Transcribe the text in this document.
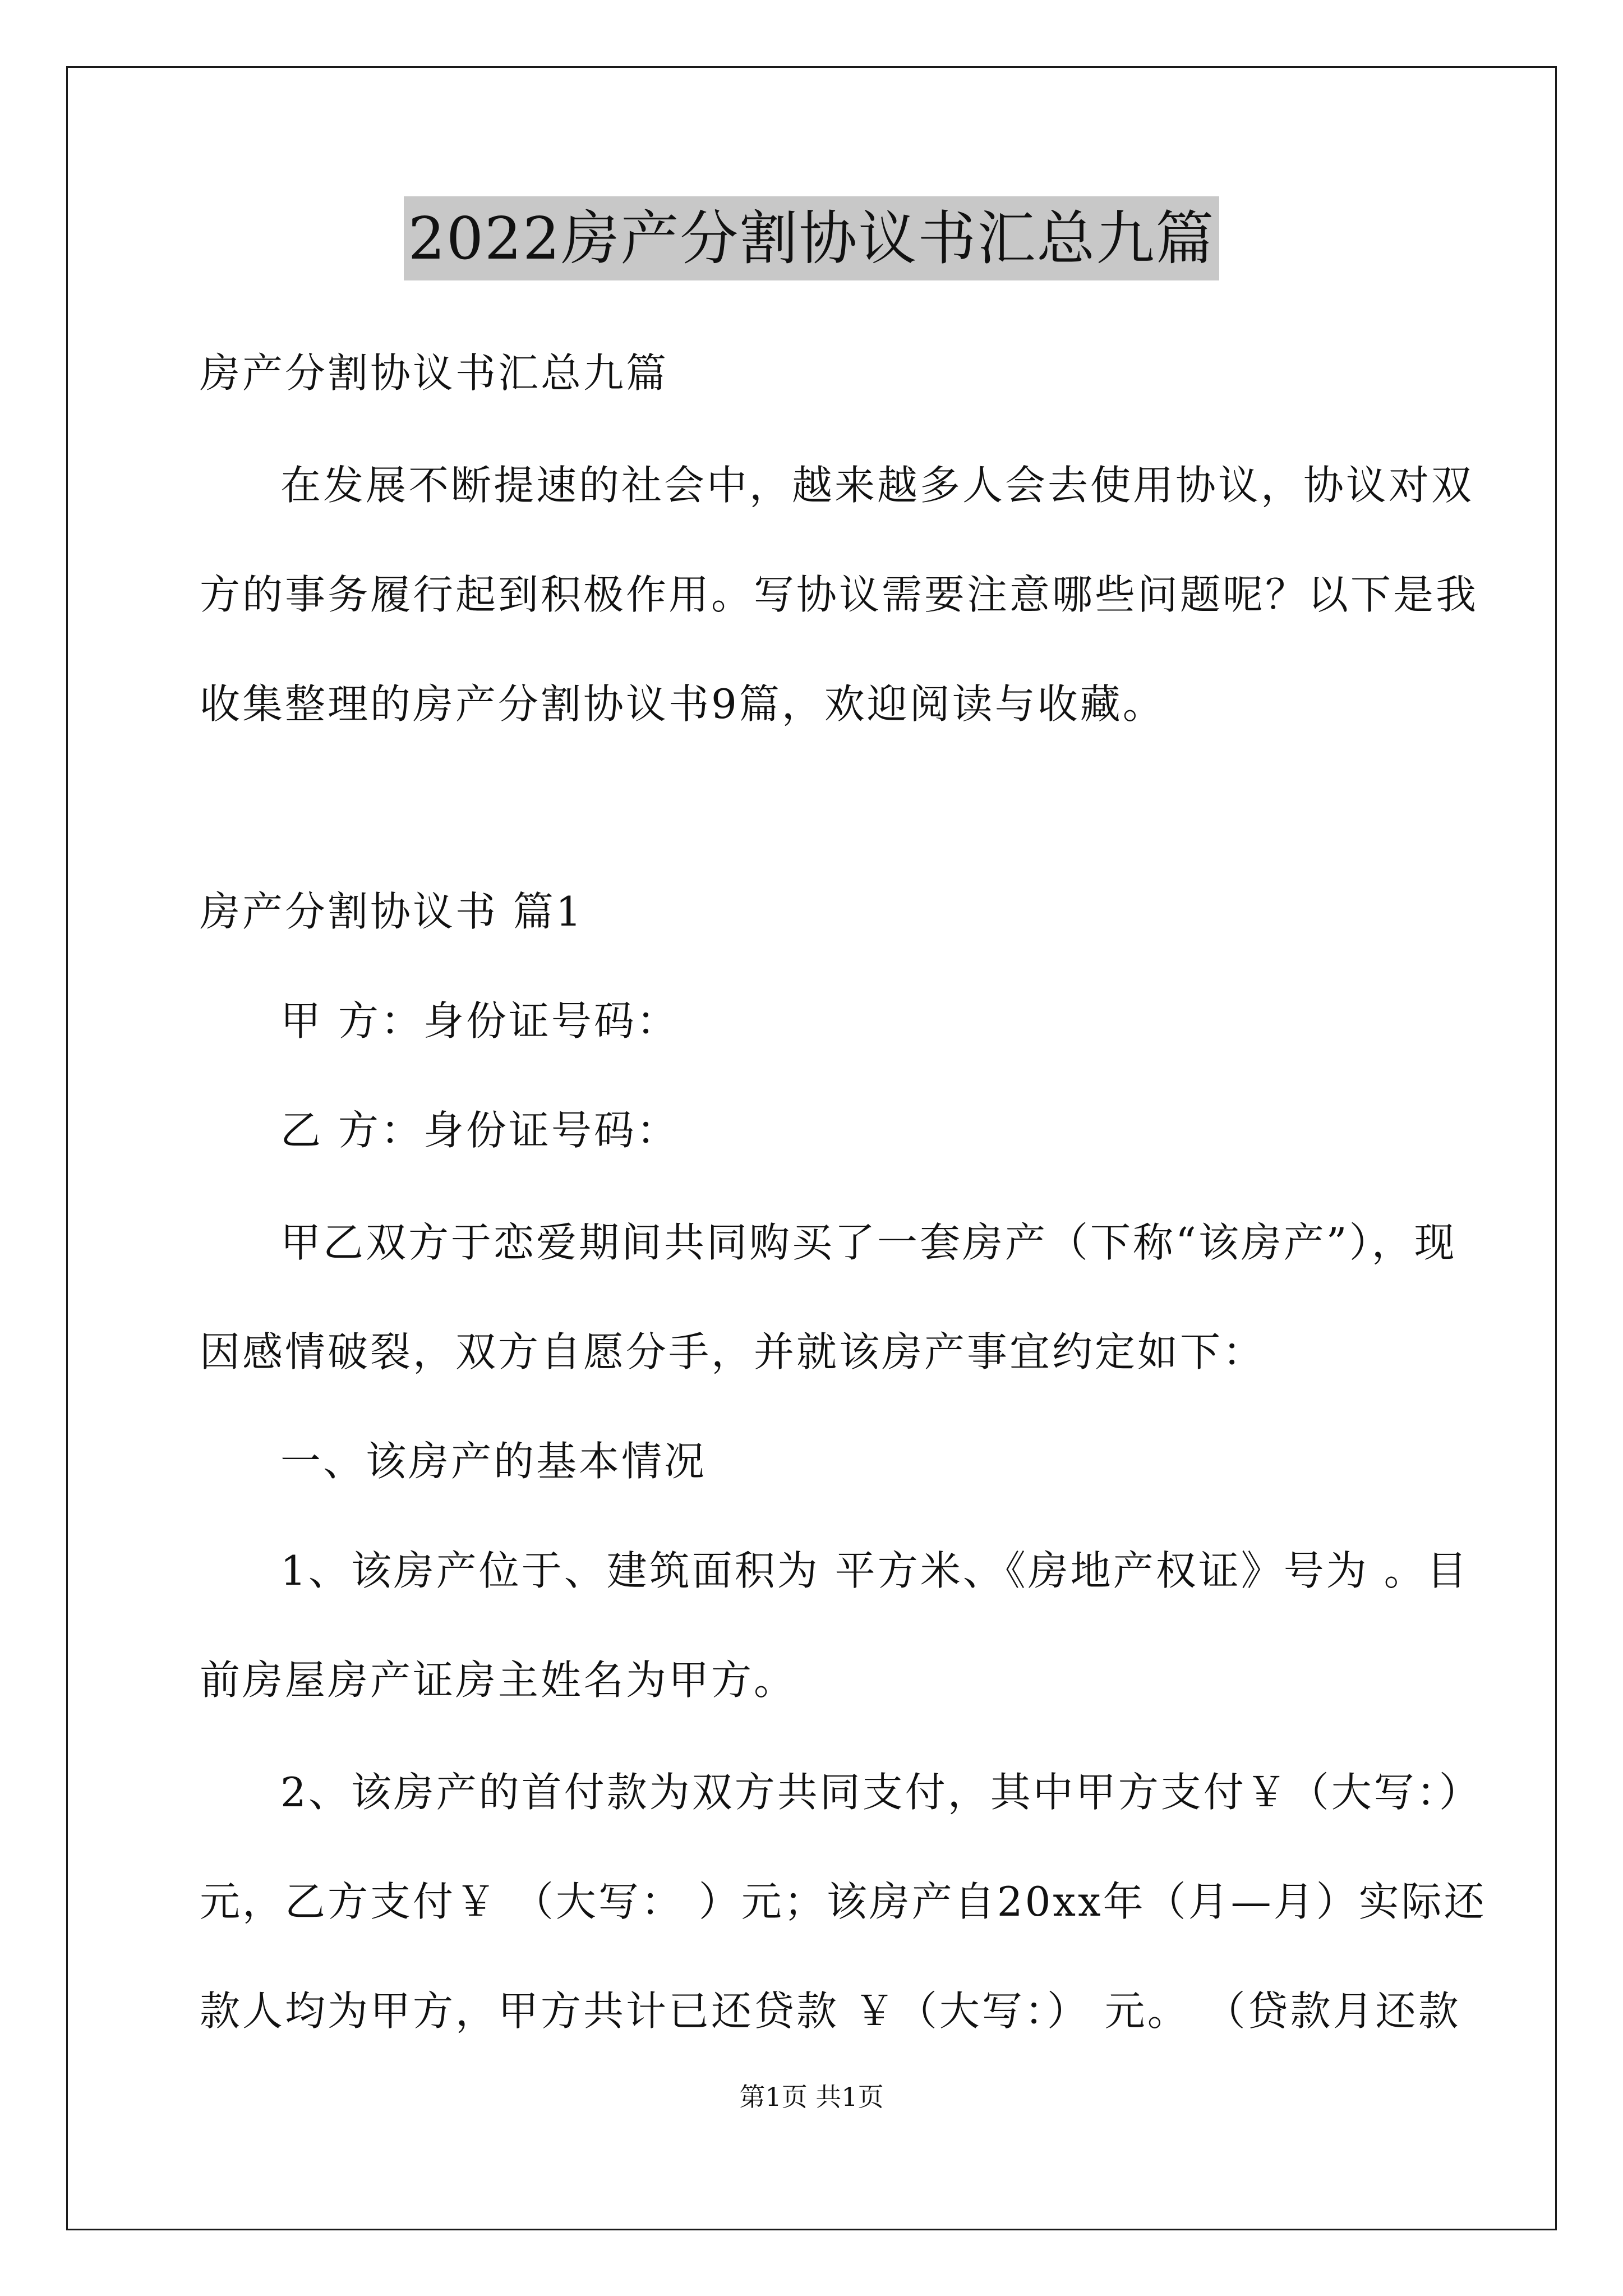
2022房产分割协议书汇总九篇
房产分割协议书汇总九篇
在发展不断提速的社会中，越来越多人会去使用协议，协议对双
方的事务履行起到积极作用。写协议需要注意哪些问题呢？以下是我
收集整理的房产分割协议书9篇，欢迎阅读与收藏。
房产分割协议书 篇1
甲 方：身份证号码：
乙 方：身份证号码：
甲乙双方于恋爱期间共同购买了一套房产（下称“该房产”），现
因感情破裂，双方自愿分手，并就该房产事宜约定如下：
一、该房产的基本情况
1、该房产位于、建筑面积为 平方米、《房地产权证》号为 。目
前房屋房产证房主姓名为甲方。
2、该房产的首付款为双方共同支付，其中甲方支付￥（大写：）
元，乙方支付￥ （大写： ）元；该房产自20xx年（月—月）实际还
款人均为甲方，甲方共计已还贷款 ￥（大写：） 元。 （贷款月还款
第1页 共1页
